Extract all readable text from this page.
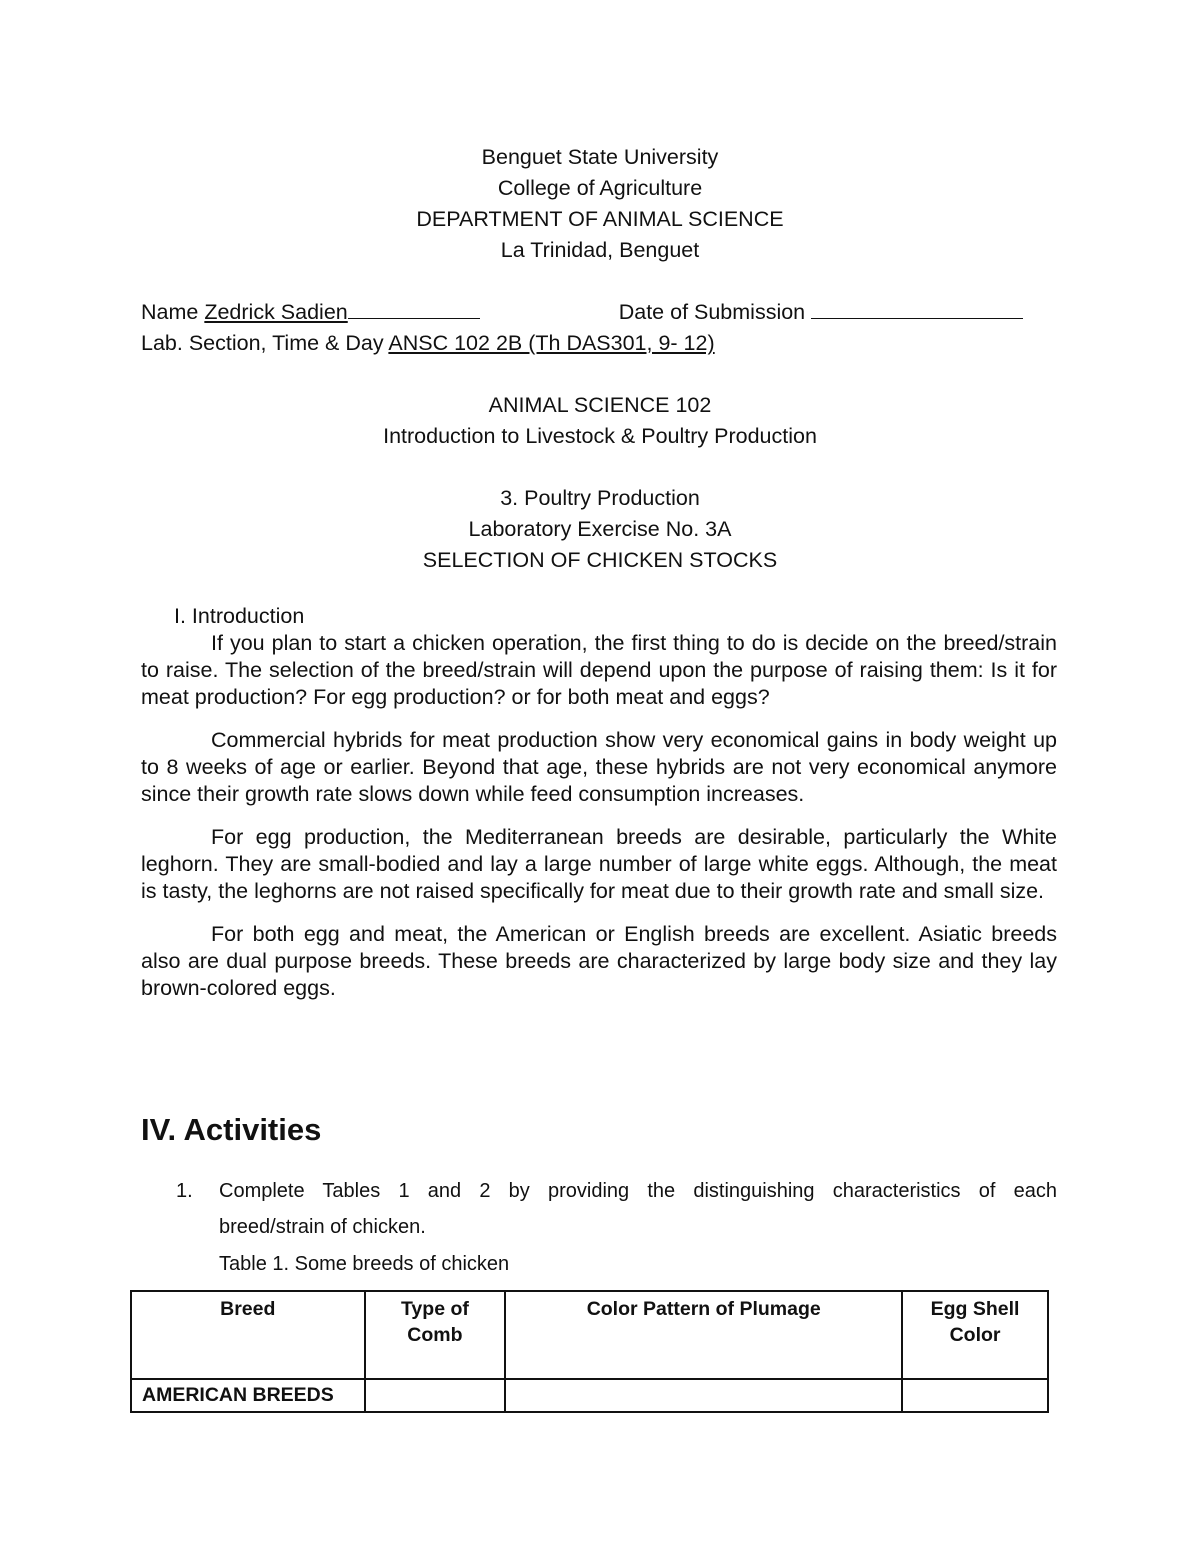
Benguet State University
College of Agriculture
DEPARTMENT OF ANIMAL SCIENCE
La Trinidad, Benguet
Name Zedrick Sadien	Date of Submission
Lab. Section, Time & Day ANSC 102 2B (Th DAS301, 9- 12)
ANIMAL SCIENCE 102
Introduction to Livestock & Poultry Production
3. Poultry Production
Laboratory Exercise No. 3A
SELECTION OF CHICKEN STOCKS
I. Introduction

If you plan to start a chicken operation, the first thing to do is decide on the breed/strain to raise. The selection of the breed/strain will depend upon the purpose of raising them: Is it for meat production? For egg production? or for both meat and eggs?

Commercial hybrids for meat production show very economical gains in body weight up to 8 weeks of age or earlier. Beyond that age, these hybrids are not very economical anymore since their growth rate slows down while feed consumption increases.

For egg production, the Mediterranean breeds are desirable, particularly the White leghorn. They are small-bodied and lay a large number of large white eggs. Although, the meat is tasty, the leghorns are not raised specifically for meat due to their growth rate and small size.

For both egg and meat, the American or English breeds are excellent. Asiatic breeds also are dual purpose breeds. These breeds are characterized by large body size and they lay brown-colored eggs.

IV. Activities
1. Complete Tables 1 and 2 by providing the distinguishing characteristics of each
breed/strain of chicken.
Table 1. Some breeds of chicken
Breed	Type of Comb	Color Pattern of Plumage	Egg Shell Color
AMERICAN BREEDS			
